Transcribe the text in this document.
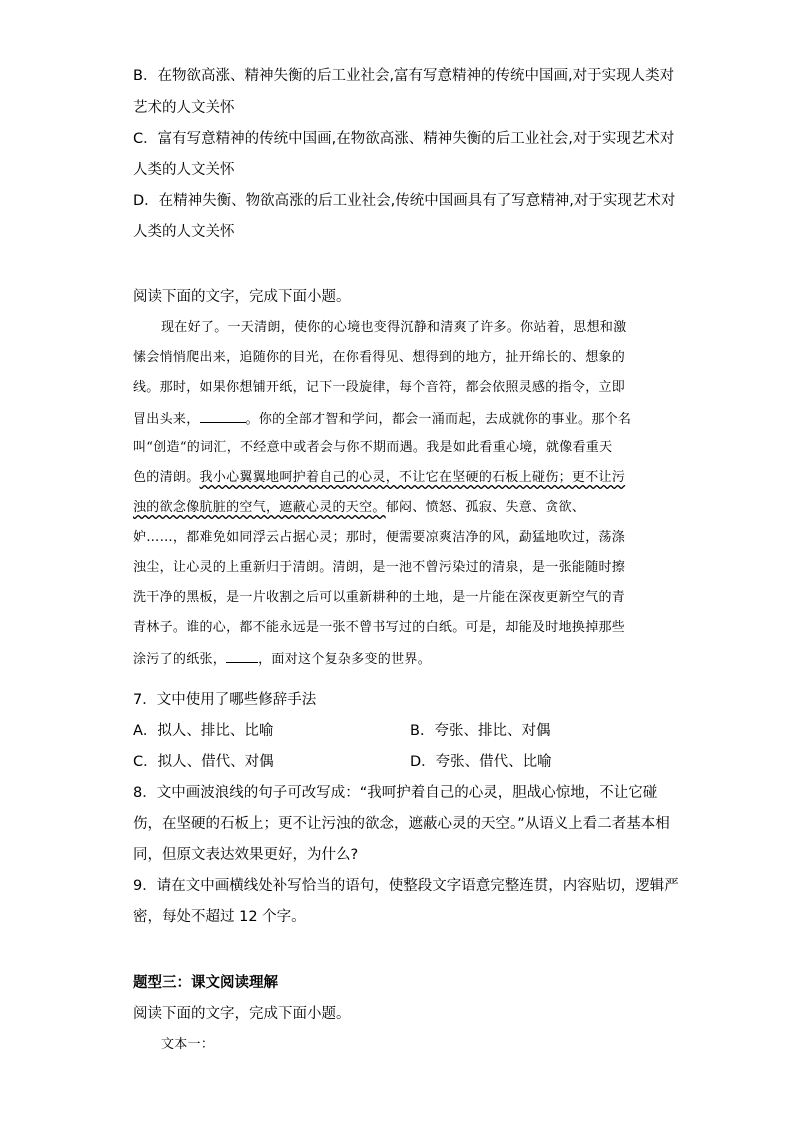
B．在物欲高涨、精神失衡的后工业社会,富有写意精神的传统中国画,对于实现人类对

艺术的人文关怀

C．富有写意精神的传统中国画,在物欲高涨、精神失衡的后工业社会,对于实现艺术对

人类的人文关怀

D．在精神失衡、物欲高涨的后工业社会,传统中国画具有了写意精神,对于实现艺术对

人类的人文关怀

阅读下面的文字，完成下面小题。

现在好了。一天清朗，使你的心境也变得沉静和清爽了许多。你站着，思想和激

愫会悄悄爬出来，追随你的目光，在你看得见、想得到的地方，扯开绵长的、想象的

线。那时，如果你想铺开纸，记下一段旋律，每个音符，都会依照灵感的指令，立即

冒出头来，	。你的全部才智和学问，都会一涌而起，去成就你的事业。那个名

叫“创造“的词汇，不经意中或者会与你不期而遇。我是如此看重心境，就像看重天

色的清朗。我小心翼翼地呵护着自己的心灵，不让它在坚硬的石板上碰伤；更不让污

浊的欲念像肮脏的空气，遮蔽心灵的天空。郁闷、愤怒、孤寂、失意、贪欲、

妒……，都难免如同浮云占据心灵；那时，便需要凉爽洁净的风，勐猛地吹过，荡涤

浊尘，让心灵的上重新归于清朗。清朗，是一池不曾污染过的清泉，是一张能随时擦

洗干净的黑板，是一片收割之后可以重新耕种的土地，是一片能在深夜更新空气的青

青林子。谁的心，都不能永远是一张不曾书写过的白纸。可是，却能及时地换掉那些

涂污了的纸张， ，面对这个复杂多变的世界。

7．文中使用了哪些修辞手法

A．拟人、排比、比喻	B．夸张、排比、对偶

C．拟人、借代、对偶	D．夸张、借代、比喻

8．文中画波浪线的句子可改写成：“我呵护着自己的心灵，胆战心惊地，不让它碰

伤，在坚硬的石板上；更不让污浊的欲念，遮蔽心灵的天空。”从语义上看二者基本相

同，但原文表达效果更好，为什么?

9．请在文中画横线处补写恰当的语句，使整段文字语意完整连贯，内容贴切，逻辑严

密，每处不超过 12 个字。

题型三：课文阅读理解

阅读下面的文字，完成下面小题。

文本一：
